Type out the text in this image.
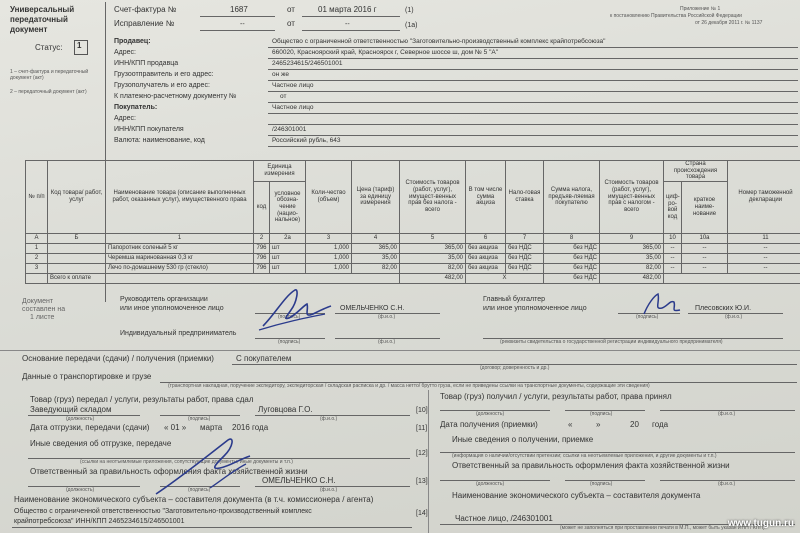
Универсальный
передаточный
документ
Счет-фактура №	1687	от	01 марта 2016 г	(1)
Исправление №	--	от	--	(1а)
Приложение № 1
к постановлению Правительства Российской Федерации
от 26 декабря 2011 г. № 1137
Статус: 1
1 – счет-фактура и передаточный документ (акт)
2 – передаточный документ (акт)
Продавец:	Общество с ограниченной ответственностью "Заготовительно-производственный комплекс крайпотребсоюза"
Адрес:	660020, Красноярский край, Красноярск г, Северное шоссе ш, дом № 5 "А"
ИНН/КПП продавца	2465234615/246501001
Грузоотправитель и его адрес:	он же
Грузополучатель и его адрес:	Частное лицо
К платежно-расчетному документу №	от
Покупатель:	Частное лицо
Адрес:
ИНН/КПП покупателя	/246301001
Валюта: наименование, код	Российский рубль, 643
№ п/п	Код товара/ работ, услуг	Наименование товара (описание выполненных работ, оказанных услуг), имущественного права	Единица измерения		Коли-чество (объем)	Цена (тариф) за единицу измерения	Стоимость товаров (работ, услуг), имущест-венных прав без налога - всего	В том числе сумма акциза	Нало-говая ставка	Сумма налога, предъяв-ляемая покупателю	Стоимость товаров (работ, услуг), имущест-венных прав с налогом - всего	Страна происхождения товара		Номер таможенной декларации
			код	условное обозна-чение (нацио-нальное)								циф-ро-вой код	краткое наиме-нование	
А	Б	1	2	2а	3	4	5	6	7	8	9	10	10а	11
1		Папоротник соленый 5 кг	796	шт	1,000	365,00	365,00	без акциза	без НДС	без НДС	365,00	--	--	--
2		Черемша маринованная 0,3 кг	796	шт	1,000	35,00	35,00	без акциза	без НДС	без НДС	35,00	--	--	--
3		Лечо по-домашнему 530 гр (стекло)	796	шт	1,000	82,00	82,00	без акциза	без НДС	без НДС	82,00	--	--	--
	Всего к оплате						482,00	Х		без НДС	482,00			
Документ
составлен на
1 листе
Руководитель организации
или иное уполномоченное лицо
(подпись)
ОМЕЛЬЧЕНКО С.Н.
(ф.и.о.)
Главный бухгалтер
или иное уполномоченное лицо
(подпись)
Плесовских Ю.И.
(ф.и.о.)
Индивидуальный предприниматель
(подпись)	(ф.и.о.)	(реквизиты свидетельства о государственной регистрации индивидуального предпринимателя)
Основание передачи (сдачи) / получения (приемки)	С покупателем
(договор; доверенность и др.)
Данные о транспортировке и грузе
(транспортная накладная, поручение экспедитору, экспедиторская / складская расписка и др. / масса нетто/ брутто груза, если не приведены ссылки на транспортные документы, содержащие эти сведения)
Товар (груз) передал / услуги, результаты работ, права сдал
Заведующий складом
(должность)	(подпись)
Луговцова Г.О.
(ф.и.о.)
[10]
Дата отгрузки, передачи (сдачи) « 01 » марта 2016 года	[11]
Иные сведения об отгрузке, передаче
[12]
(ссылки на неотъемлемые приложения, сопутствующие документы, иные документы и т.п.)
Ответственный за правильность оформления факта хозяйственной жизни
(должность)	(подпись)
ОМЕЛЬЧЕНКО С.Н.
(ф.и.о.)
[13]
Наименование экономического субъекта – составителя документа (в т.ч. комиссионера / агента)
Общество с ограниченной ответственностью "Заготовительно-производственный комплекс
крайпотребсоюза" ИНН/КПП 2465234615/246501001
[14]
Товар (груз) получил / услуги, результаты работ, права принял
(должность)	(подпись)	(ф.и.о.)
Дата получения (приемки)	«	»	20 года
Иные сведения о получении, приемке
(информация о наличии/отсутствии претензии; ссылки на неотъемлемые приложения, и другие документы и т.п.)
Ответственный за правильность оформления факта хозяйственной жизни
(должность)	(подпись)	(ф.и.о.)
Наименование экономического субъекта – составителя документа
Частное лицо, /246301001
(может не заполняться при проставлении печати в М.П., может быть указан ИНН / КПП)
www.tugun.ru
